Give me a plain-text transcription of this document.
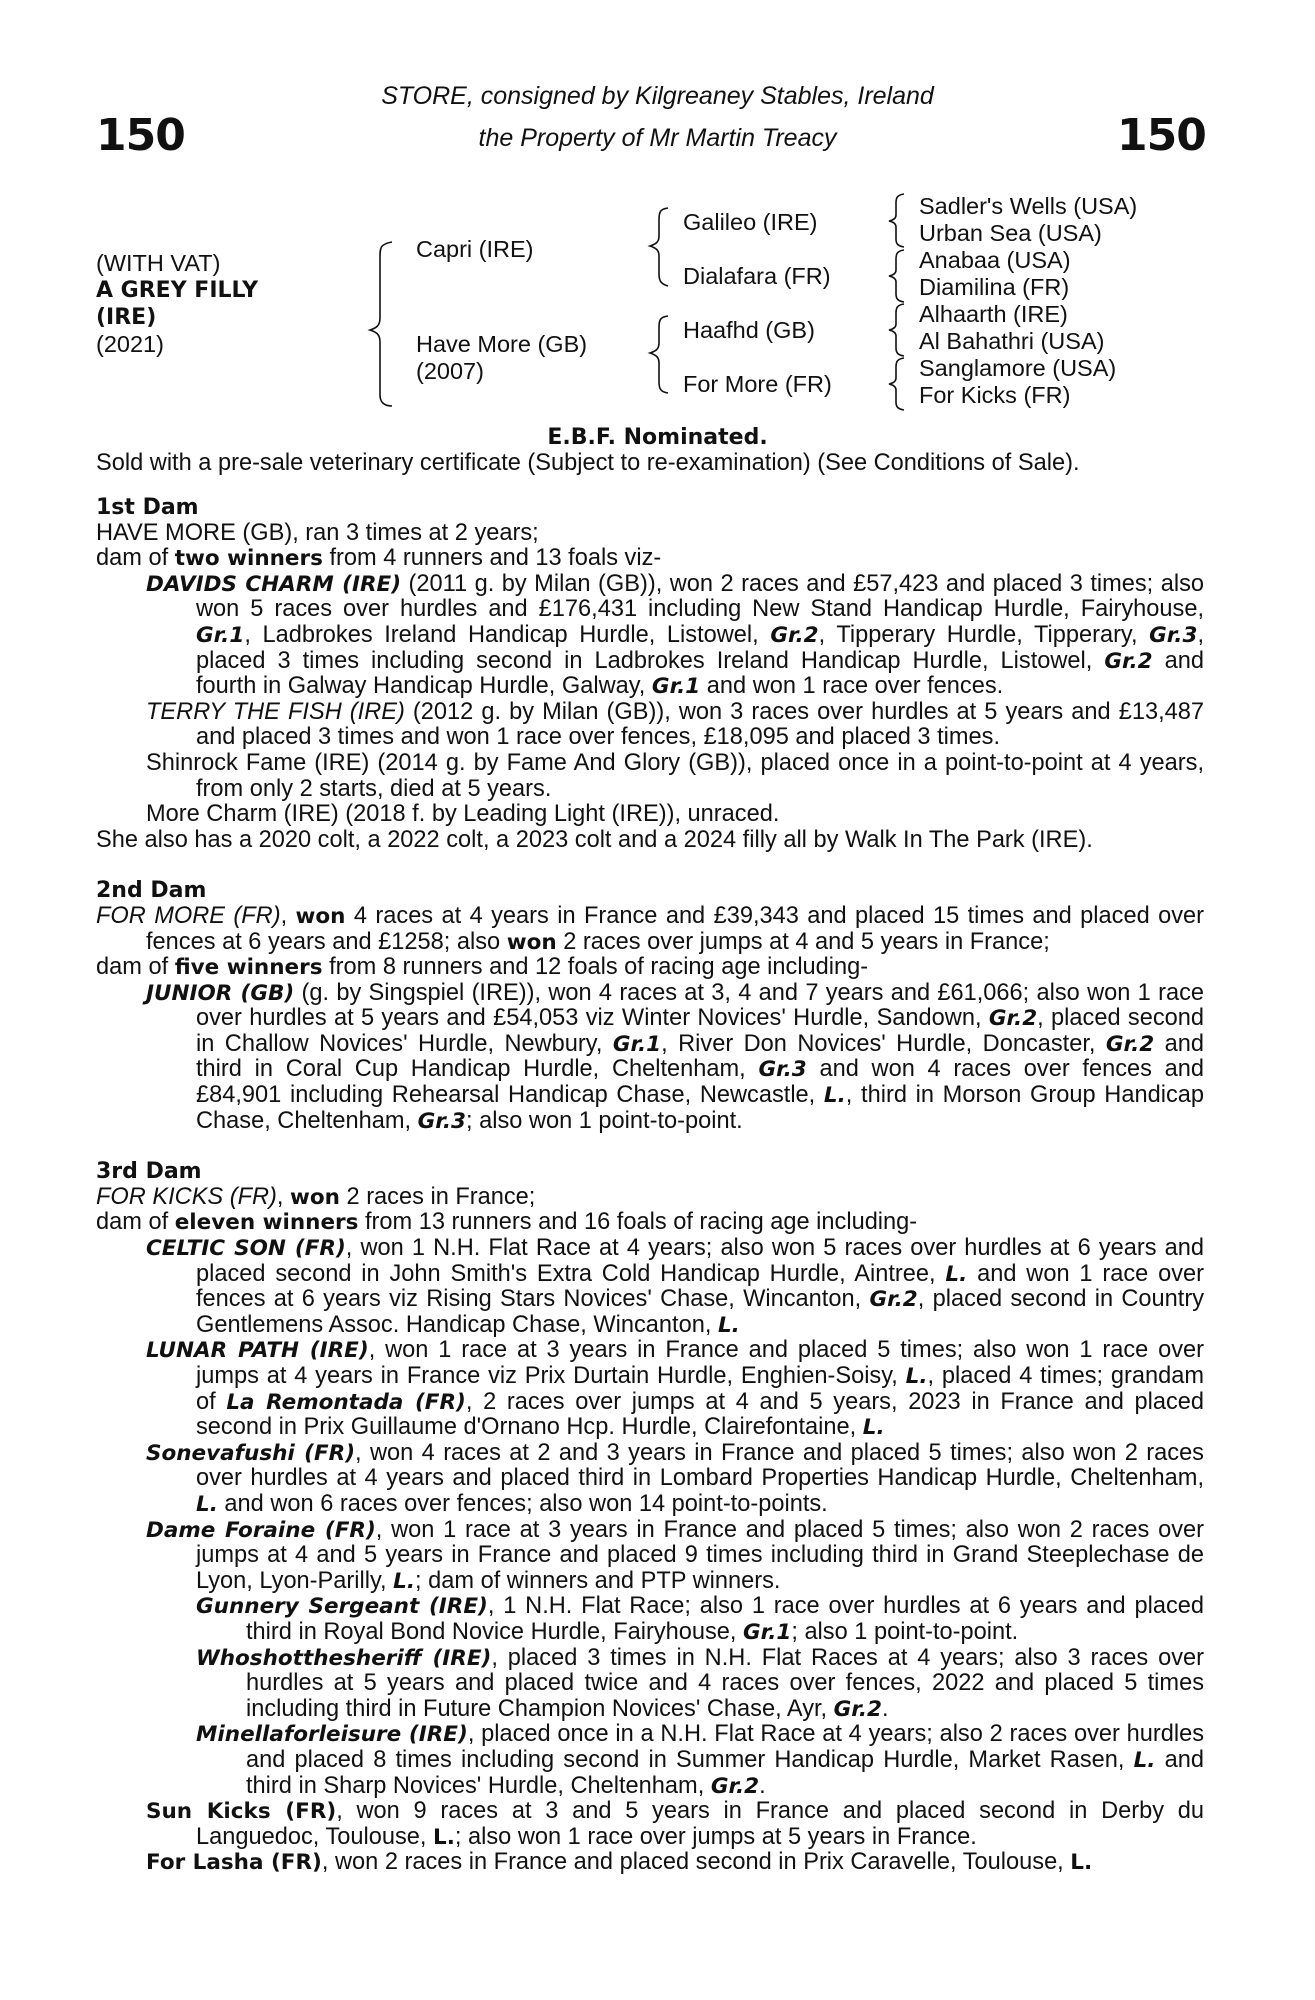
150	150
STORE, consigned by Kilgreaney Stables, Ireland
the Property of Mr Martin Treacy
(WITH VAT)
A GREY FILLY
(IRE)
(2021)
Capri (IRE)
Have More (GB)
(2007)
Galileo (IRE)
Dialafara (FR)
Haafhd (GB)
For More (FR)
Sadler's Wells (USA)
Urban Sea (USA)
Anabaa (USA)
Diamilina (FR)
Alhaarth (IRE)
Al Bahathri (USA)
Sanglamore (USA)
For Kicks (FR)
E.B.F. Nominated.
Sold with a pre-sale veterinary certificate (Subject to re-examination) (See Conditions of Sale).

1st Dam

HAVE MORE (GB), ran 3 times at 2 years;

dam of two winners from 4 runners and 13 foals viz-

DAVIDS CHARM (IRE) (2011 g. by Milan (GB)), won 2 races and £57,423 and placed 3 times; also won 5 races over hurdles and £176,431 including New Stand Handicap Hurdle, Fairyhouse, Gr.1, Ladbrokes Ireland Handicap Hurdle, Listowel, Gr.2, Tipperary Hurdle, Tipperary, Gr.3, placed 3 times including second in Ladbrokes Ireland Handicap Hurdle, Listowel, Gr.2 and fourth in Galway Handicap Hurdle, Galway, Gr.1 and won 1 race over fences.

TERRY THE FISH (IRE) (2012 g. by Milan (GB)), won 3 races over hurdles at 5 years and £13,487 and placed 3 times and won 1 race over fences, £18,095 and placed 3 times.

Shinrock Fame (IRE) (2014 g. by Fame And Glory (GB)), placed once in a point-to-point at 4 years, from only 2 starts, died at 5 years.

More Charm (IRE) (2018 f. by Leading Light (IRE)), unraced.

She also has a 2020 colt, a 2022 colt, a 2023 colt and a 2024 filly all by Walk In The Park (IRE).

2nd Dam

FOR MORE (FR), won 4 races at 4 years in France and £39,343 and placed 15 times and placed over fences at 6 years and £1258; also won 2 races over jumps at 4 and 5 years in France;

dam of five winners from 8 runners and 12 foals of racing age including-

JUNIOR (GB) (g. by Singspiel (IRE)), won 4 races at 3, 4 and 7 years and £61,066; also won 1 race over hurdles at 5 years and £54,053 viz Winter Novices' Hurdle, Sandown, Gr.2, placed second in Challow Novices' Hurdle, Newbury, Gr.1, River Don Novices' Hurdle, Doncaster, Gr.2 and third in Coral Cup Handicap Hurdle, Cheltenham, Gr.3 and won 4 races over fences and £84,901 including Rehearsal Handicap Chase, Newcastle, L., third in Morson Group Handicap Chase, Cheltenham, Gr.3; also won 1 point-to-point.

3rd Dam

FOR KICKS (FR), won 2 races in France;

dam of eleven winners from 13 runners and 16 foals of racing age including-

CELTIC SON (FR), won 1 N.H. Flat Race at 4 years; also won 5 races over hurdles at 6 years and placed second in John Smith's Extra Cold Handicap Hurdle, Aintree, L. and won 1 race over fences at 6 years viz Rising Stars Novices' Chase, Wincanton, Gr.2, placed second in Country Gentlemens Assoc. Handicap Chase, Wincanton, L.

LUNAR PATH (IRE), won 1 race at 3 years in France and placed 5 times; also won 1 race over jumps at 4 years in France viz Prix Durtain Hurdle, Enghien-Soisy, L., placed 4 times; grandam of La Remontada (FR), 2 races over jumps at 4 and 5 years, 2023 in France and placed second in Prix Guillaume d'Ornano Hcp. Hurdle, Clairefontaine, L.

Sonevafushi (FR), won 4 races at 2 and 3 years in France and placed 5 times; also won 2 races over hurdles at 4 years and placed third in Lombard Properties Handicap Hurdle, Cheltenham, L. and won 6 races over fences; also won 14 point-to-points.

Dame Foraine (FR), won 1 race at 3 years in France and placed 5 times; also won 2 races over jumps at 4 and 5 years in France and placed 9 times including third in Grand Steeplechase de Lyon, Lyon-Parilly, L.; dam of winners and PTP winners.

Gunnery Sergeant (IRE), 1 N.H. Flat Race; also 1 race over hurdles at 6 years and placed third in Royal Bond Novice Hurdle, Fairyhouse, Gr.1; also 1 point-to-point.

Whoshotthesheriff (IRE), placed 3 times in N.H. Flat Races at 4 years; also 3 races over hurdles at 5 years and placed twice and 4 races over fences, 2022 and placed 5 times including third in Future Champion Novices' Chase, Ayr, Gr.2.

Minellaforleisure (IRE), placed once in a N.H. Flat Race at 4 years; also 2 races over hurdles and placed 8 times including second in Summer Handicap Hurdle, Market Rasen, L. and third in Sharp Novices' Hurdle, Cheltenham, Gr.2.

Sun Kicks (FR), won 9 races at 3 and 5 years in France and placed second in Derby du Languedoc, Toulouse, L.; also won 1 race over jumps at 5 years in France.

For Lasha (FR), won 2 races in France and placed second in Prix Caravelle, Toulouse, L.
